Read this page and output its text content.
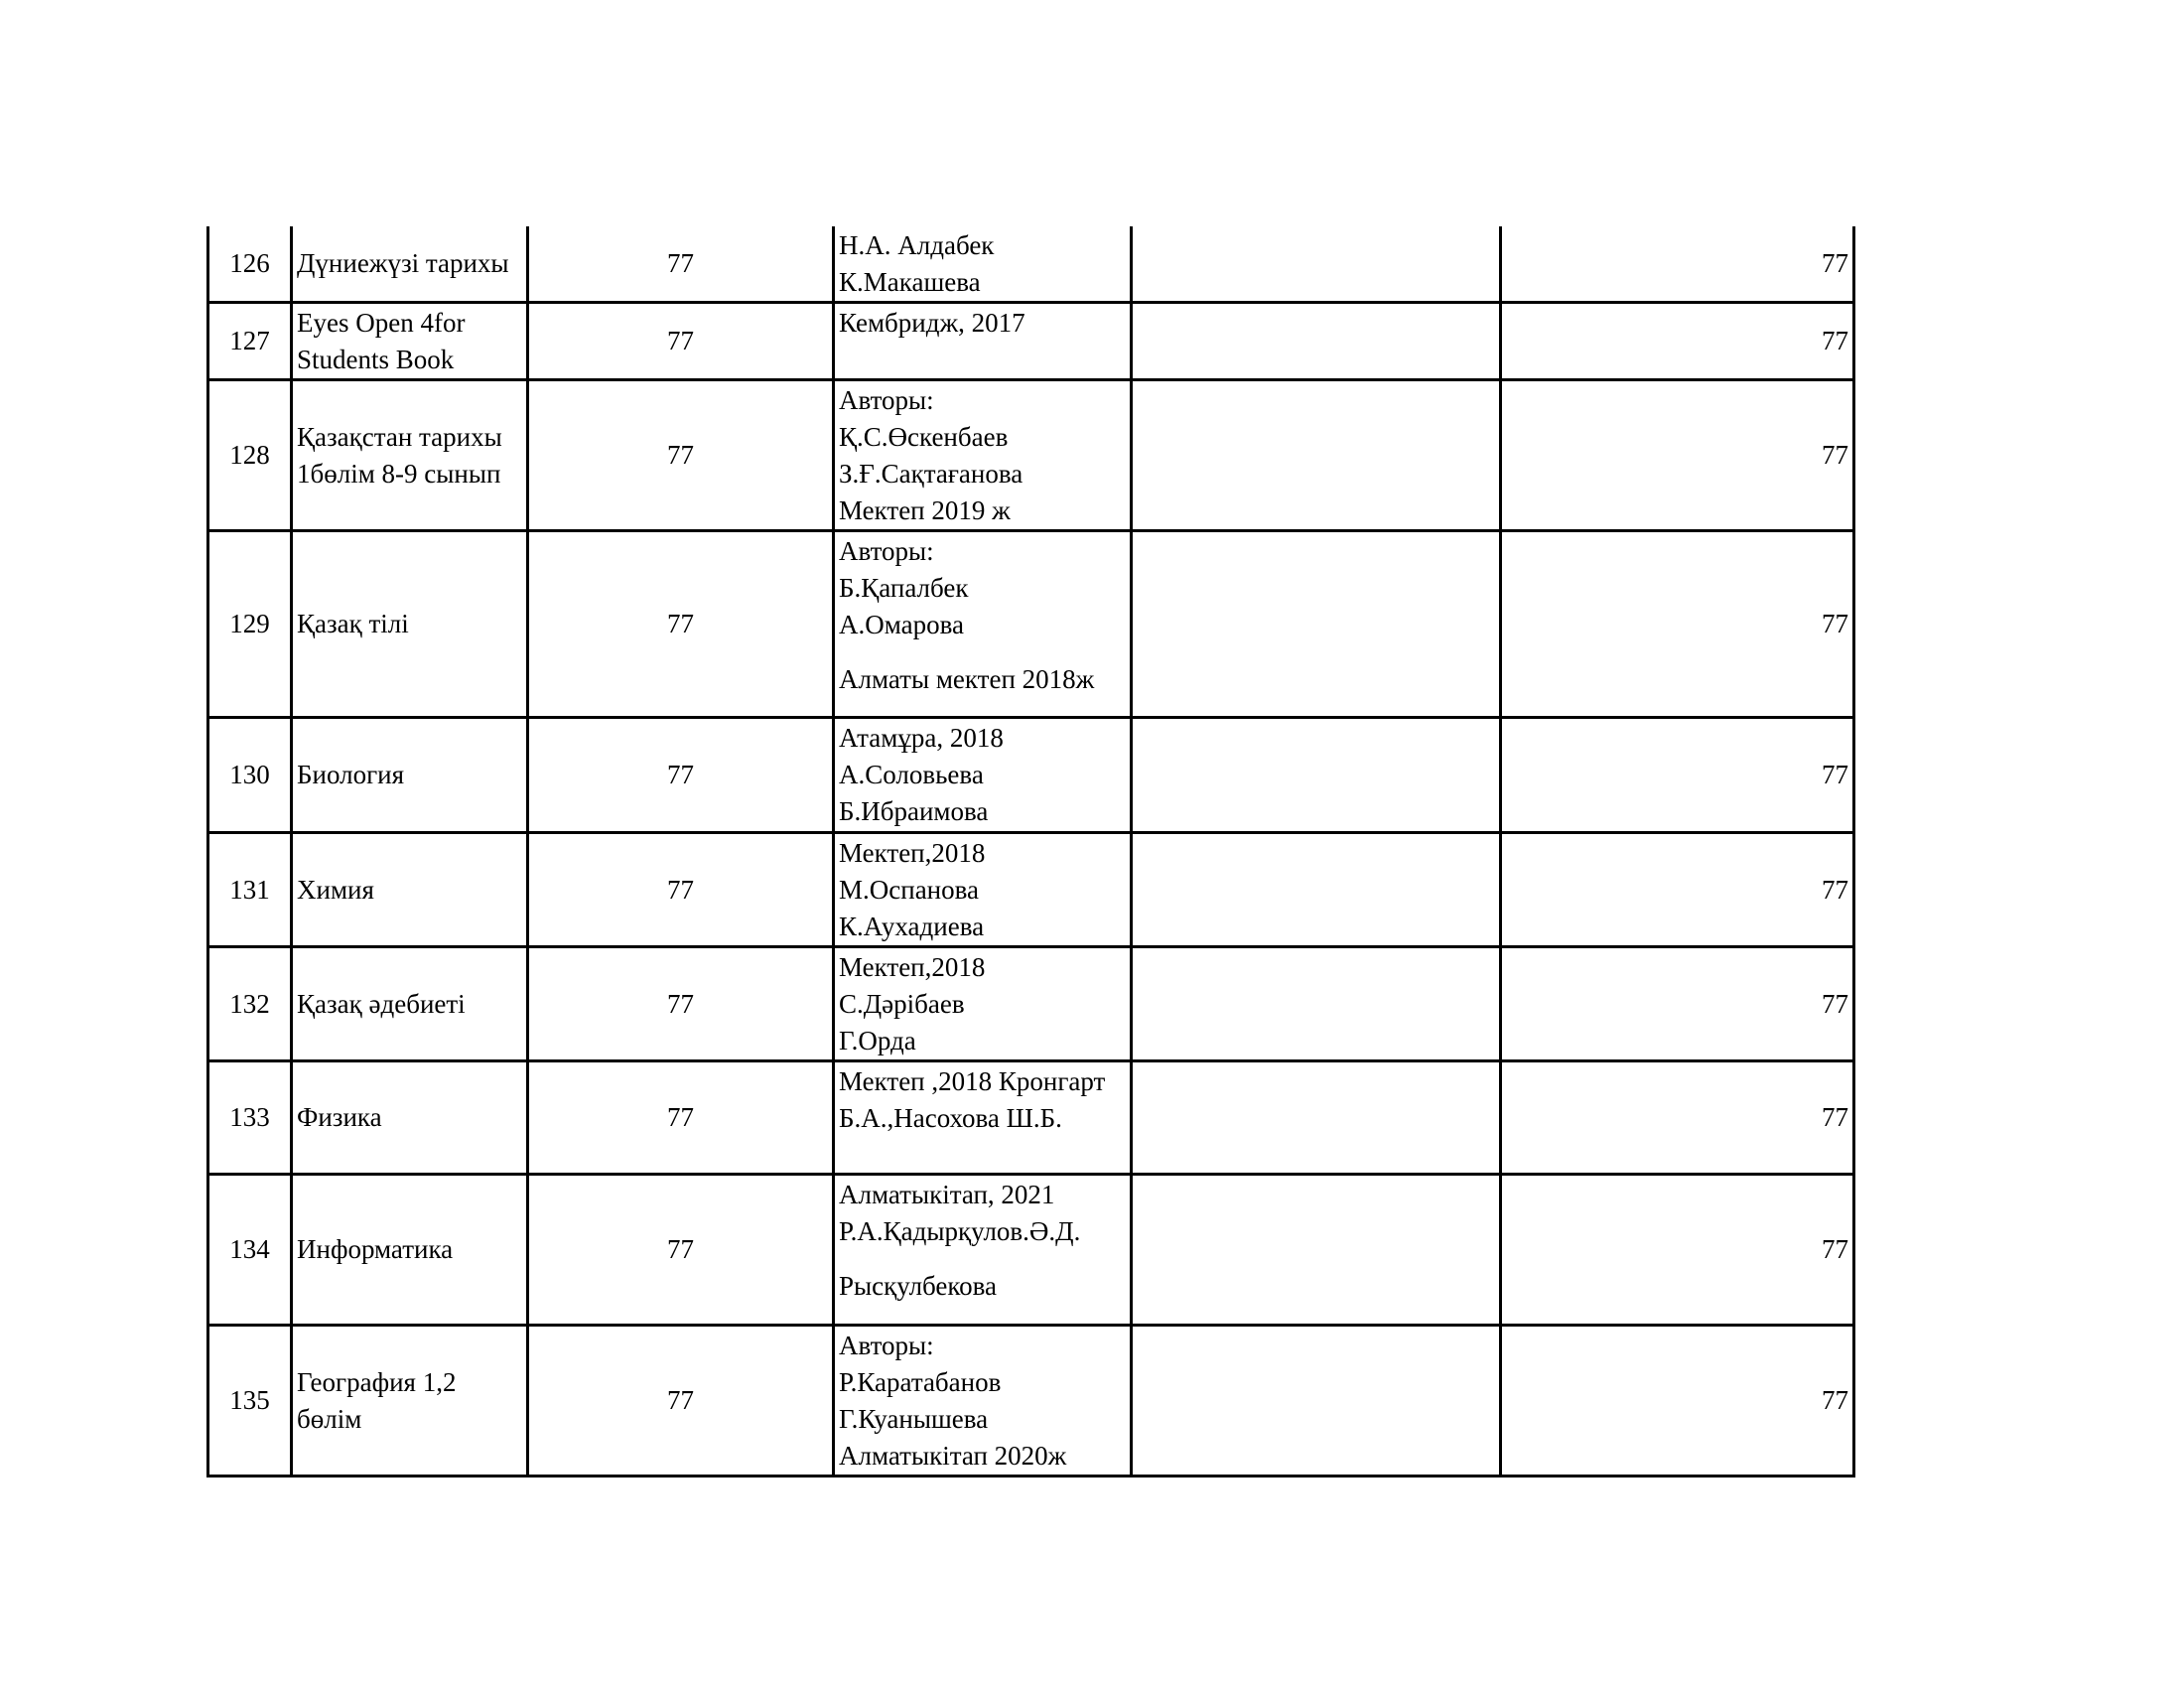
126	Дүниежүзі тарихы	77	Н.А. Алдабек
К.Макашева		77
127	Eyes Open 4for
Students Book	77	Кембридж, 2017		77
128	Қазақстан тарихы
1бөлім 8-9 сынып	77	Авторы:
Қ.С.Өскенбаев
З.Ғ.Сақтағанова
Мектеп 2019 ж		77
129	Қазақ тілі	77	Авторы:
Б.Қапалбек
А.Омарова
Алматы мектеп 2018ж		77
130	Биология	77	Атамұра, 2018
А.Соловьева
Б.Ибраимова		77
131	Химия	77	Мектеп,2018
М.Оспанова
К.Аухадиева		77
132	Қазақ әдебиеті	77	Мектеп,2018
С.Дәрібаев
Г.Орда		77
133	Физика	77	Мектеп ,2018 Кронгарт
Б.А.,Насохова Ш.Б.		77
134	Информатика	77	Алматыкітап, 2021
Р.А.Қадырқулов.Ә.Д.
Рысқулбекова		77
135	География 1,2
бөлім	77	Авторы:
Р.Каратабанов
Г.Куанышева
Алматыкітап 2020ж		77
